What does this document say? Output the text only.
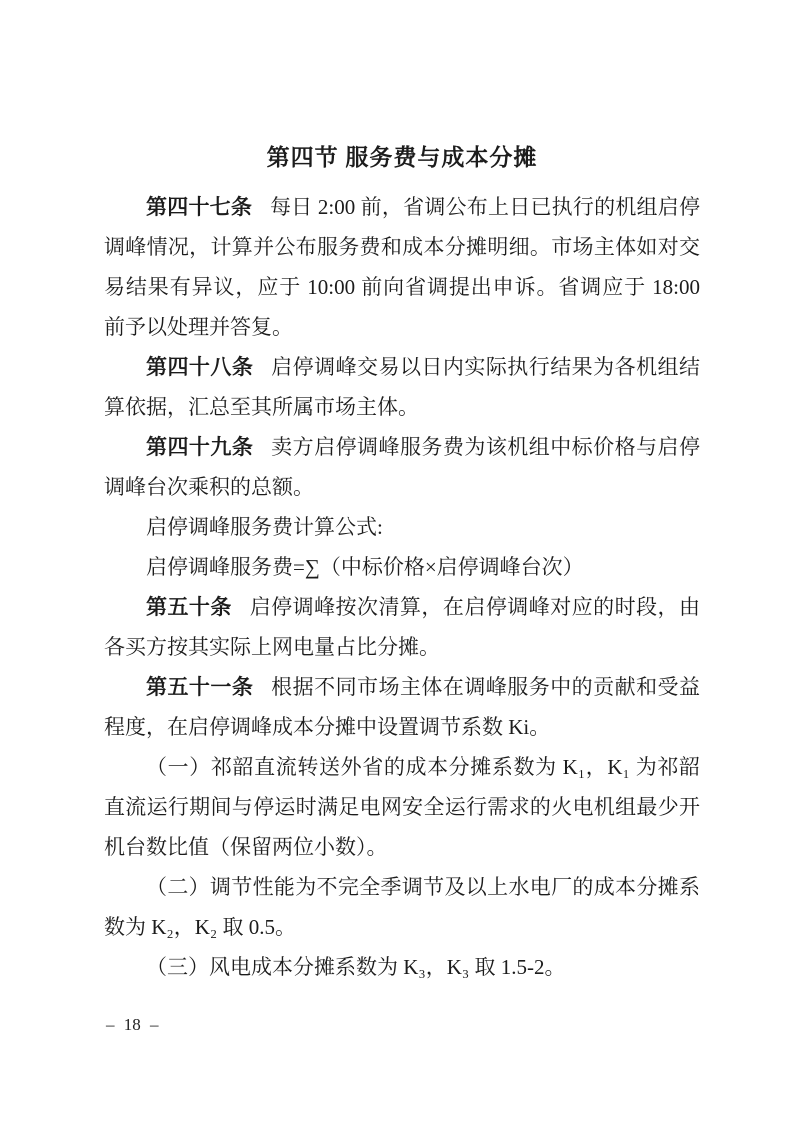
第四节 服务费与成本分摊

第四十七条 每日 2:00 前，省调公布上日已执行的机组启停调峰情况，计算并公布服务费和成本分摊明细。市场主体如对交易结果有异议，应于 10:00 前向省调提出申诉。省调应于 18:00 前予以处理并答复。

第四十八条 启停调峰交易以日内实际执行结果为各机组结算依据，汇总至其所属市场主体。

第四十九条 卖方启停调峰服务费为该机组中标价格与启停调峰台次乘积的总额。

启停调峰服务费计算公式:

启停调峰服务费=∑（中标价格×启停调峰台次）

第五十条 启停调峰按次清算，在启停调峰对应的时段，由各买方按其实际上网电量占比分摊。

第五十一条 根据不同市场主体在调峰服务中的贡献和受益程度，在启停调峰成本分摊中设置调节系数 Ki。

（一）祁韶直流转送外省的成本分摊系数为 K₁，K₁ 为祁韶直流运行期间与停运时满足电网安全运行需求的火电机组最少开机台数比值（保留两位小数）。

（二）调节性能为不完全季调节及以上水电厂的成本分摊系数为 K₂，K₂ 取 0.5。

（三）风电成本分摊系数为 K₃，K₃ 取 1.5-2。

– 18 –
